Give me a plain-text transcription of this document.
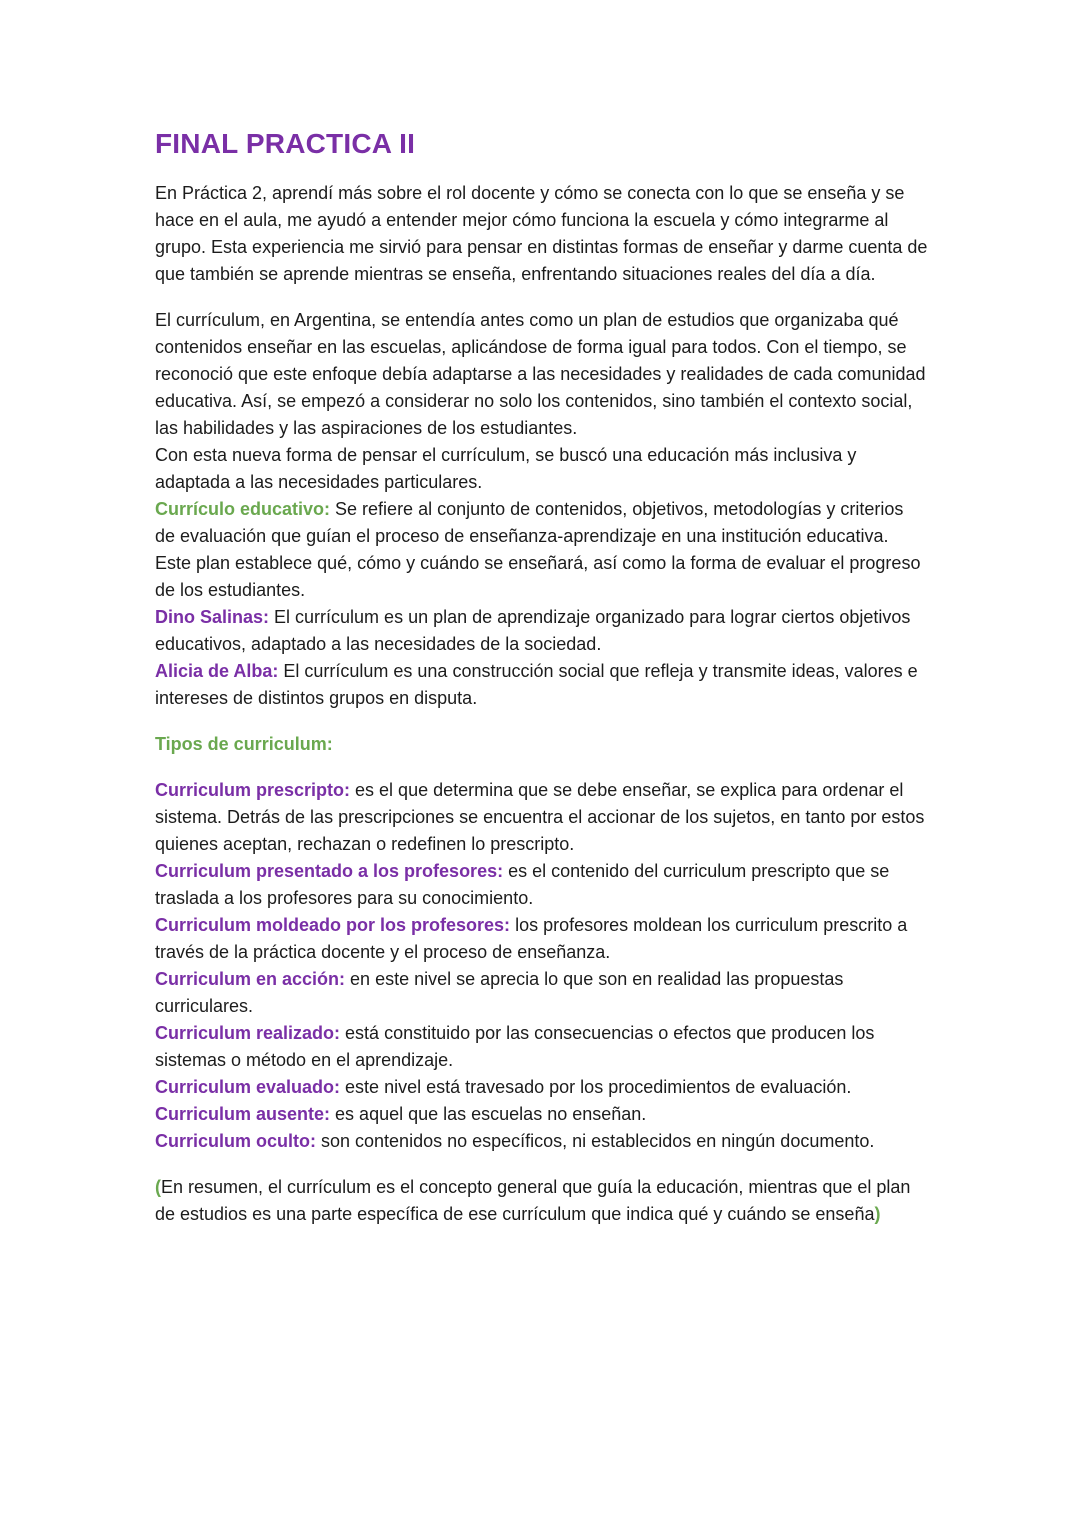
FINAL PRACTICA II

En Práctica 2, aprendí más sobre el rol docente y cómo se conecta con lo que se enseña y se hace en el aula, me ayudó a entender mejor cómo funciona la escuela y cómo integrarme al grupo. Esta experiencia me sirvió para pensar en distintas formas de enseñar y darme cuenta de que también se aprende mientras se enseña, enfrentando situaciones reales del día a día.

El currículum, en Argentina, se entendía antes como un plan de estudios que organizaba qué contenidos enseñar en las escuelas, aplicándose de forma igual para todos. Con el tiempo, se reconoció que este enfoque debía adaptarse a las necesidades y realidades de cada comunidad educativa. Así, se empezó a considerar no solo los contenidos, sino también el contexto social, las habilidades y las aspiraciones de los estudiantes.

Con esta nueva forma de pensar el currículum, se buscó una educación más inclusiva y adaptada a las necesidades particulares.

Currículo educativo: Se refiere al conjunto de contenidos, objetivos, metodologías y criterios de evaluación que guían el proceso de enseñanza-aprendizaje en una institución educativa. Este plan establece qué, cómo y cuándo se enseñará, así como la forma de evaluar el progreso de los estudiantes.

Dino Salinas: El currículum es un plan de aprendizaje organizado para lograr ciertos objetivos educativos, adaptado a las necesidades de la sociedad.

Alicia de Alba: El currículum es una construcción social que refleja y transmite ideas, valores e intereses de distintos grupos en disputa.

Tipos de curriculum:

Curriculum prescripto: es el que determina que se debe enseñar, se explica para ordenar el sistema. Detrás de las prescripciones se encuentra el accionar de los sujetos, en tanto por estos quienes aceptan, rechazan o redefinen lo prescripto.

Curriculum presentado a los profesores: es el contenido del curriculum prescripto que se traslada a los profesores para su conocimiento.

Curriculum moldeado por los profesores: los profesores moldean los curriculum prescrito a través de la práctica docente y el proceso de enseñanza.

Curriculum en acción: en este nivel se aprecia lo que son en realidad las propuestas curriculares.

Curriculum realizado: está constituido por las consecuencias o efectos que producen los sistemas o método en el aprendizaje.

Curriculum evaluado: este nivel está travesado por los procedimientos de evaluación.

Curriculum ausente: es aquel que las escuelas no enseñan.

Curriculum oculto: son contenidos no específicos, ni establecidos en ningún documento.

(En resumen, el currículum es el concepto general que guía la educación, mientras que el plan de estudios es una parte específica de ese currículum que indica qué y cuándo se enseña)
